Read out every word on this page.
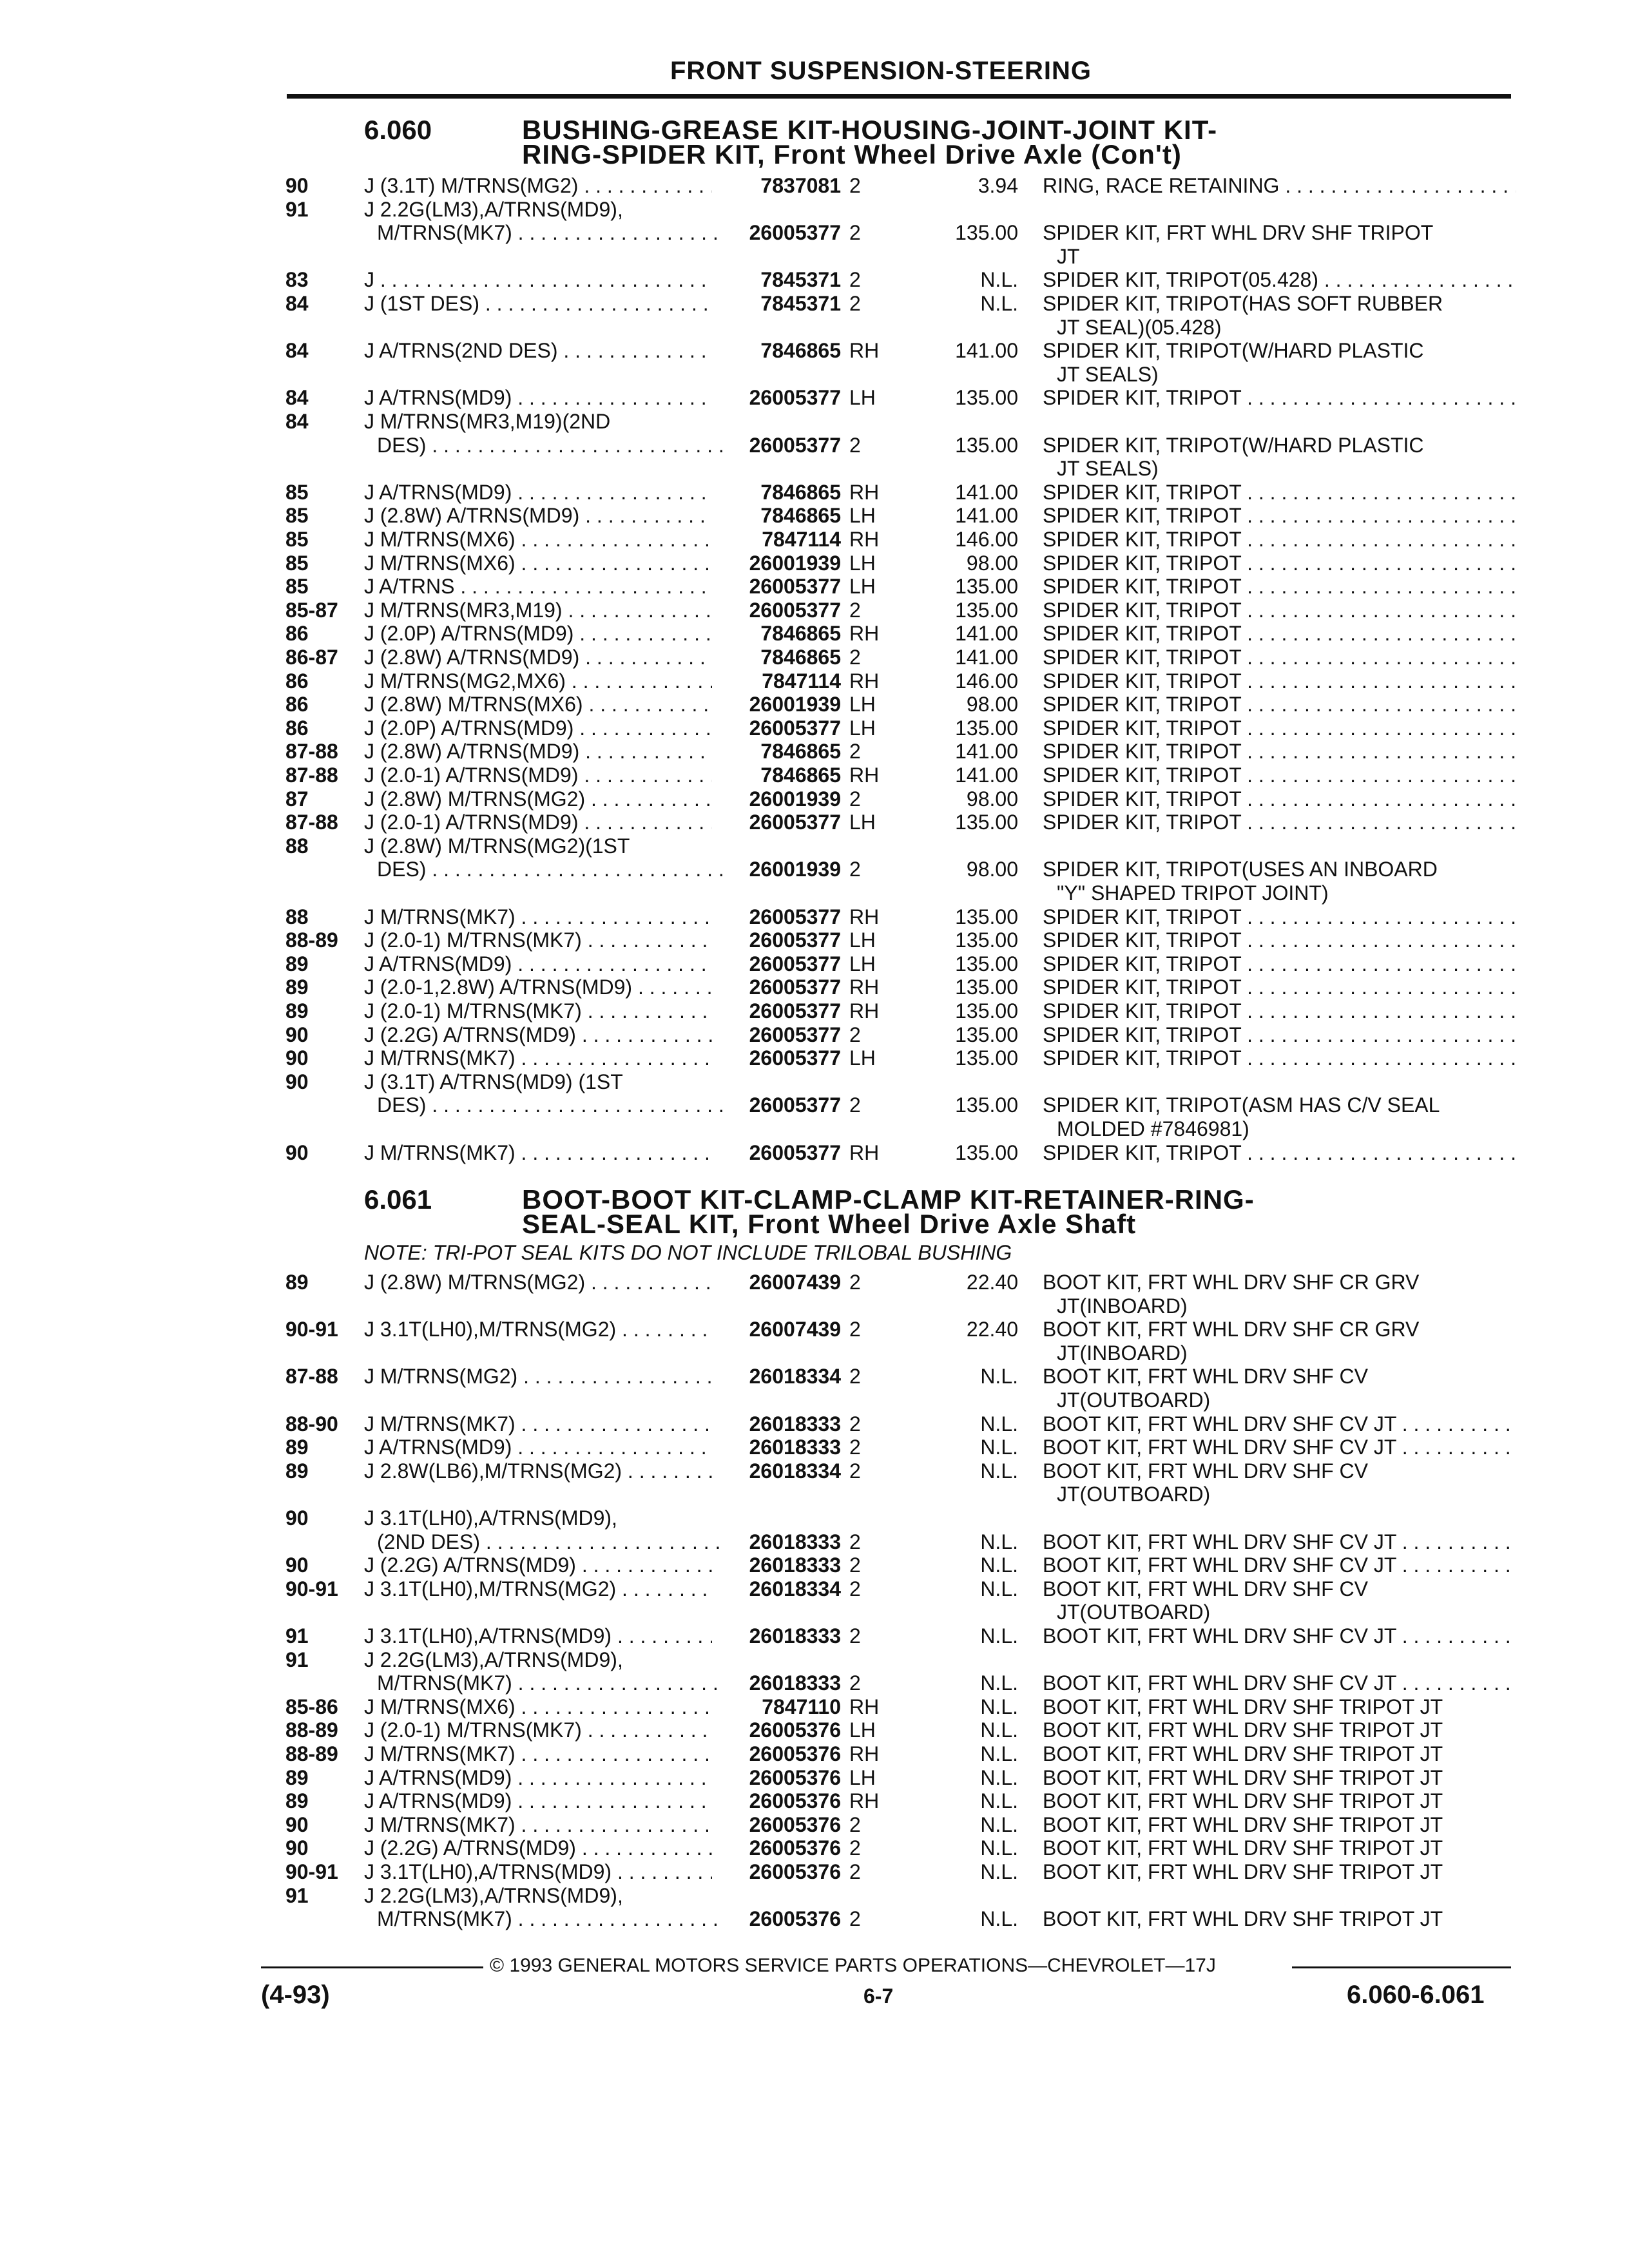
FRONT SUSPENSION-STEERING
6.060	BUSHING-GREASE KIT-HOUSING-JOINT-JOINT KIT-
RING-SPIDER KIT, Front Wheel Drive Axle (Con't)
6.061	BOOT-BOOT KIT-CLAMP-CLAMP KIT-RETAINER-RING-
SEAL-SEAL KIT, Front Wheel Drive Axle Shaft
NOTE: TRI-POT SEAL KITS DO NOT INCLUDE TRILOBAL BUSHING
90	J (3.1T) M/TRNS(MG2) . . .	7837081 2	3.94 RING, RACE RETAINING . . .
91	J 2.2G(LM3),A/TRNS(MD9),
M/TRNS(MK7) . . .	26005377 2	135.00 SPIDER KIT, FRT WHL DRV SHF TRIPOT
JT
83	J . . .	7845371 2	N.L. SPIDER KIT, TRIPOT(05.428) . . .
84	J (1ST DES) . . .	7845371 2	N.L. SPIDER KIT, TRIPOT(HAS SOFT RUBBER
JT SEAL)(05.428)
84	J A/TRNS(2ND DES) . . .	7846865 RH	141.00 SPIDER KIT, TRIPOT(W/HARD PLASTIC
JT SEALS)
84	J A/TRNS(MD9) . . .	26005377 LH	135.00 SPIDER KIT, TRIPOT . . .
84	J M/TRNS(MR3,M19)(2ND
DES) . . .	26005377 2	135.00 SPIDER KIT, TRIPOT(W/HARD PLASTIC
JT SEALS)
85	J A/TRNS(MD9) . . .	7846865 RH	141.00 SPIDER KIT, TRIPOT . . .
85	J (2.8W) A/TRNS(MD9) . . .	7846865 LH	141.00 SPIDER KIT, TRIPOT . . .
85	J M/TRNS(MX6) . . .	7847114 RH	146.00 SPIDER KIT, TRIPOT . . .
85	J M/TRNS(MX6) . . .	26001939 LH	98.00 SPIDER KIT, TRIPOT . . .
85	J A/TRNS . . .	26005377 LH	135.00 SPIDER KIT, TRIPOT . . .
85-87 J M/TRNS(MR3,M19) . . .	26005377 2	135.00 SPIDER KIT, TRIPOT . . .
86	J (2.0P) A/TRNS(MD9) . . .	7846865 RH	141.00 SPIDER KIT, TRIPOT . . .
86-87 J (2.8W) A/TRNS(MD9) . . .	7846865 2	141.00 SPIDER KIT, TRIPOT . . .
86	J M/TRNS(MG2,MX6) . . .	7847114 RH	146.00 SPIDER KIT, TRIPOT . . .
86	J (2.8W) M/TRNS(MX6) . . .	26001939 LH	98.00 SPIDER KIT, TRIPOT . . .
86	J (2.0P) A/TRNS(MD9) . . .	26005377 LH	135.00 SPIDER KIT, TRIPOT . . .
87-88 J (2.8W) A/TRNS(MD9) . . .	7846865 2	141.00 SPIDER KIT, TRIPOT . . .
87-88 J (2.0-1) A/TRNS(MD9) . . .	7846865 RH	141.00 SPIDER KIT, TRIPOT . . .
87	J (2.8W) M/TRNS(MG2) . . .	26001939 2	98.00 SPIDER KIT, TRIPOT . . .
87-88 J (2.0-1) A/TRNS(MD9) . . .	26005377 LH	135.00 SPIDER KIT, TRIPOT . . .
88	J (2.8W) M/TRNS(MG2)(1ST
DES) . . .	26001939 2	98.00 SPIDER KIT, TRIPOT(USES AN INBOARD
"Y" SHAPED TRIPOT JOINT)
88	J M/TRNS(MK7) . . .	26005377 RH	135.00 SPIDER KIT, TRIPOT . . .
88-89 J (2.0-1) M/TRNS(MK7) . . .	26005377 LH	135.00 SPIDER KIT, TRIPOT . . .
89	J A/TRNS(MD9) . . .	26005377 LH	135.00 SPIDER KIT, TRIPOT . . .
89	J (2.0-1,2.8W) A/TRNS(MD9) . . .	26005377 RH	135.00 SPIDER KIT, TRIPOT . . .
89	J (2.0-1) M/TRNS(MK7) . . .	26005377 RH	135.00 SPIDER KIT, TRIPOT . . .
90	J (2.2G) A/TRNS(MD9) . . .	26005377 2	135.00 SPIDER KIT, TRIPOT . . .
90	J M/TRNS(MK7) . . .	26005377 LH	135.00 SPIDER KIT, TRIPOT . . .
90	J (3.1T) A/TRNS(MD9) (1ST
DES) . . .	26005377 2	135.00 SPIDER KIT, TRIPOT(ASM HAS C/V SEAL
MOLDED #7846981)
90	J M/TRNS(MK7) . . .	26005377 RH	135.00 SPIDER KIT, TRIPOT . . .
89	J (2.8W) M/TRNS(MG2) . . .	26007439 2	22.40 BOOT KIT, FRT WHL DRV SHF CR GRV
JT(INBOARD)
90-91 J 3.1T(LH0),M/TRNS(MG2) . . .	26007439 2	22.40 BOOT KIT, FRT WHL DRV SHF CR GRV
JT(INBOARD)
87-88 J M/TRNS(MG2) . . .	26018334 2	N.L. BOOT KIT, FRT WHL DRV SHF CV
JT(OUTBOARD)
88-90 J M/TRNS(MK7) . . .	26018333 2	N.L. BOOT KIT, FRT WHL DRV SHF CV JT . . .
89	J A/TRNS(MD9) . . .	26018333 2	N.L. BOOT KIT, FRT WHL DRV SHF CV JT . . .
89	J 2.8W(LB6),M/TRNS(MG2) . . .	26018334 2	N.L. BOOT KIT, FRT WHL DRV SHF CV
JT(OUTBOARD)
90	J 3.1T(LH0),A/TRNS(MD9),
(2ND DES) . . .	26018333 2	N.L. BOOT KIT, FRT WHL DRV SHF CV JT . . .
90	J (2.2G) A/TRNS(MD9) . . .	26018333 2	N.L. BOOT KIT, FRT WHL DRV SHF CV JT . . .
90-91 J 3.1T(LH0),M/TRNS(MG2) . . .	26018334 2	N.L. BOOT KIT, FRT WHL DRV SHF CV
JT(OUTBOARD)
91	J 3.1T(LH0),A/TRNS(MD9) . . .	26018333 2	N.L. BOOT KIT, FRT WHL DRV SHF CV JT . . .
91	J 2.2G(LM3),A/TRNS(MD9),
M/TRNS(MK7) . . .	26018333 2	N.L. BOOT KIT, FRT WHL DRV SHF CV JT . . .
85-86 J M/TRNS(MX6) . . .	7847110 RH	N.L. BOOT KIT, FRT WHL DRV SHF TRIPOT JT
88-89 J (2.0-1) M/TRNS(MK7) . . .	26005376 LH	N.L. BOOT KIT, FRT WHL DRV SHF TRIPOT JT
88-89 J M/TRNS(MK7) . . .	26005376 RH	N.L. BOOT KIT, FRT WHL DRV SHF TRIPOT JT
89	J A/TRNS(MD9) . . .	26005376 LH	N.L. BOOT KIT, FRT WHL DRV SHF TRIPOT JT
89	J A/TRNS(MD9) . . .	26005376 RH	N.L. BOOT KIT, FRT WHL DRV SHF TRIPOT JT
90	J M/TRNS(MK7) . . .	26005376 2	N.L. BOOT KIT, FRT WHL DRV SHF TRIPOT JT
90	J (2.2G) A/TRNS(MD9) . . .	26005376 2	N.L. BOOT KIT, FRT WHL DRV SHF TRIPOT JT
90-91 J 3.1T(LH0),A/TRNS(MD9) . . .	26005376 2	N.L. BOOT KIT, FRT WHL DRV SHF TRIPOT JT
91	J 2.2G(LM3),A/TRNS(MD9),
M/TRNS(MK7) . . .	26005376 2	N.L. BOOT KIT, FRT WHL DRV SHF TRIPOT JT
© 1993 GENERAL MOTORS SERVICE PARTS OPERATIONS—CHEVROLET—17J
(4-93)	6-7	6.060-6.061
